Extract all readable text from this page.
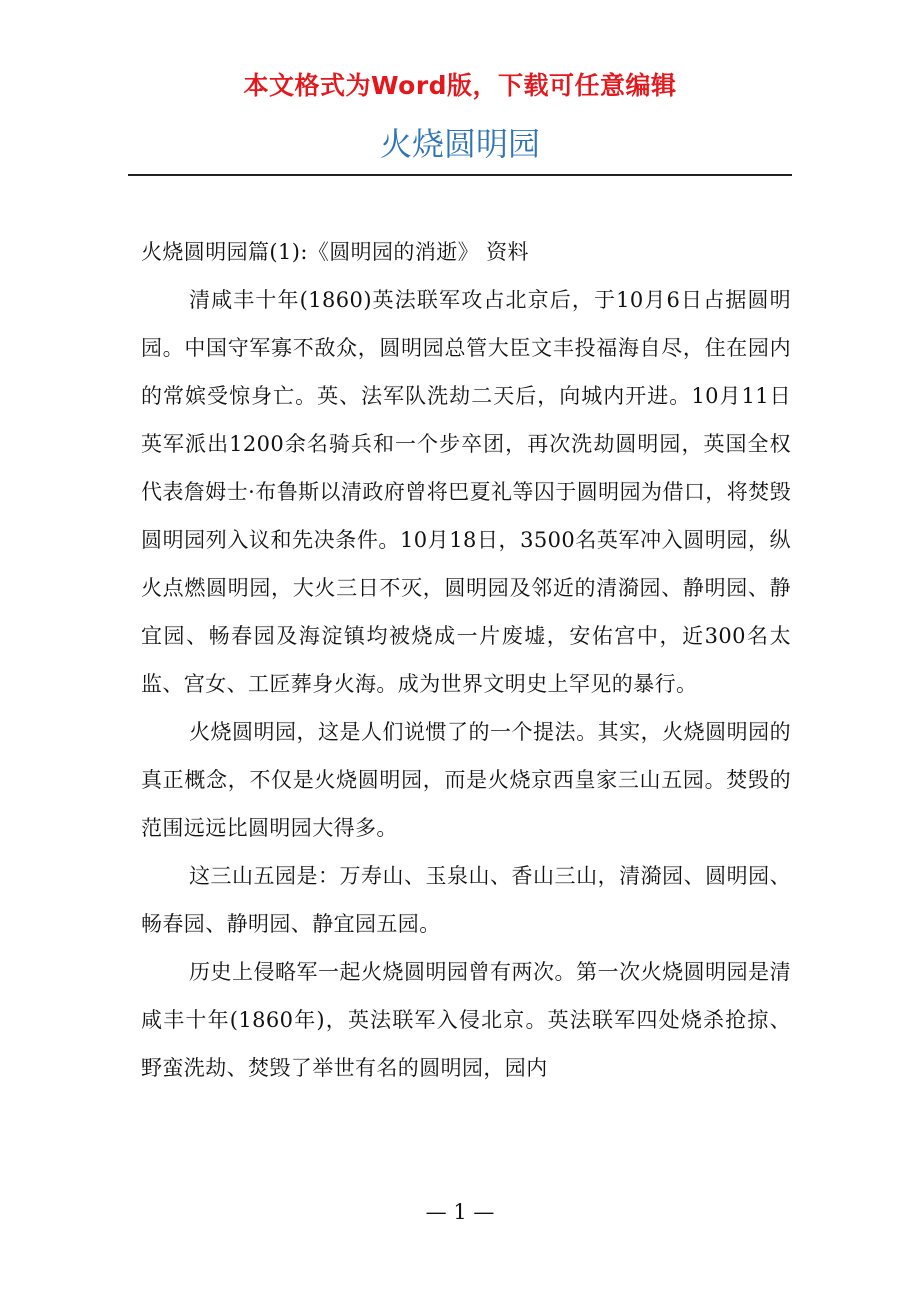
本文格式为Word版，下载可任意编辑
火烧圆明园

火烧圆明园篇(1):《圆明园的消逝》 资料

清咸丰十年(1860)英法联军攻占北京后，于10月6日占据圆明园。中国守军寡不敌众，圆明园总管大臣文丰投福海自尽，住在园内的常嫔受惊身亡。英、法军队洗劫二天后，向城内开进。10月11日英军派出1200余名骑兵和一个步卒团，再次洗劫圆明园，英国全权代表詹姆士·布鲁斯以清政府曾将巴夏礼等囚于圆明园为借口，将焚毁圆明园列入议和先决条件。10月18日，3500名英军冲入圆明园，纵火点燃圆明园，大火三日不灭，圆明园及邻近的清漪园、静明园、静宜园、畅春园及海淀镇均被烧成一片废墟，安佑宫中，近300名太监、宫女、工匠葬身火海。成为世界文明史上罕见的暴行。

火烧圆明园，这是人们说惯了的一个提法。其实，火烧圆明园的真正概念，不仅是火烧圆明园，而是火烧京西皇家三山五园。焚毁的范围远远比圆明园大得多。

这三山五园是：万寿山、玉泉山、香山三山，清漪园、圆明园、畅春园、静明园、静宜园五园。

历史上侵略军一起火烧圆明园曾有两次。第一次火烧圆明园是清咸丰十年(1860年)，英法联军入侵北京。英法联军四处烧杀抢掠、野蛮洗劫、焚毁了举世有名的圆明园，园内

— 1 —
